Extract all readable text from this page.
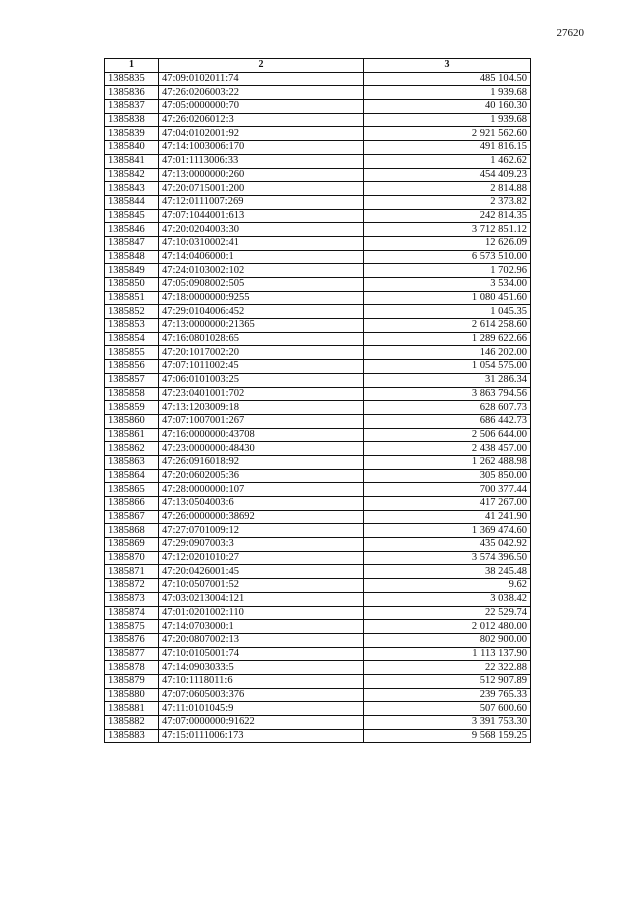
27620
1	2	3
1385835	47:09:0102011:74	485 104.50
1385836	47:26:0206003:22	1 939.68
1385837	47:05:0000000:70	40 160.30
1385838	47:26:0206012:3	1 939.68
1385839	47:04:0102001:92	2 921 562.60
1385840	47:14:1003006:170	491 816.15
1385841	47:01:1113006:33	1 462.62
1385842	47:13:0000000:260	454 409.23
1385843	47:20:0715001:200	2 814.88
1385844	47:12:0111007:269	2 373.82
1385845	47:07:1044001:613	242 814.35
1385846	47:20:0204003:30	3 712 851.12
1385847	47:10:0310002:41	12 626.09
1385848	47:14:0406000:1	6 573 510.00
1385849	47:24:0103002:102	1 702.96
1385850	47:05:0908002:505	3 534.00
1385851	47:18:0000000:9255	1 080 451.60
1385852	47:29:0104006:452	1 045.35
1385853	47:13:0000000:21365	2 614 258.60
1385854	47:16:0801028:65	1 289 622.66
1385855	47:20:1017002:20	146 202.00
1385856	47:07:1011002:45	1 054 575.00
1385857	47:06:0101003:25	31 286.34
1385858	47:23:0401001:702	3 863 794.56
1385859	47:13:1203009:18	628 607.73
1385860	47:07:1007001:267	686 442.73
1385861	47:16:0000000:43708	2 506 644.00
1385862	47:23:0000000:48430	2 438 457.00
1385863	47:26:0916018:92	1 262 488.98
1385864	47:20:0602005:36	305 850.00
1385865	47:28:0000000:107	700 377.44
1385866	47:13:0504003:6	417 267.00
1385867	47:26:0000000:38692	41 241.90
1385868	47:27:0701009:12	1 369 474.60
1385869	47:29:0907003:3	435 042.92
1385870	47:12:0201010:27	3 574 396.50
1385871	47:20:0426001:45	38 245.48
1385872	47:10:0507001:52	9.62
1385873	47:03:0213004:121	3 038.42
1385874	47:01:0201002:110	22 529.74
1385875	47:14:0703000:1	2 012 480.00
1385876	47:20:0807002:13	802 900.00
1385877	47:10:0105001:74	1 113 137.90
1385878	47:14:0903033:5	22 322.88
1385879	47:10:1118011:6	512 907.89
1385880	47:07:0605003:376	239 765.33
1385881	47:11:0101045:9	507 600.60
1385882	47:07:0000000:91622	3 391 753.30
1385883	47:15:0111006:173	9 568 159.25
